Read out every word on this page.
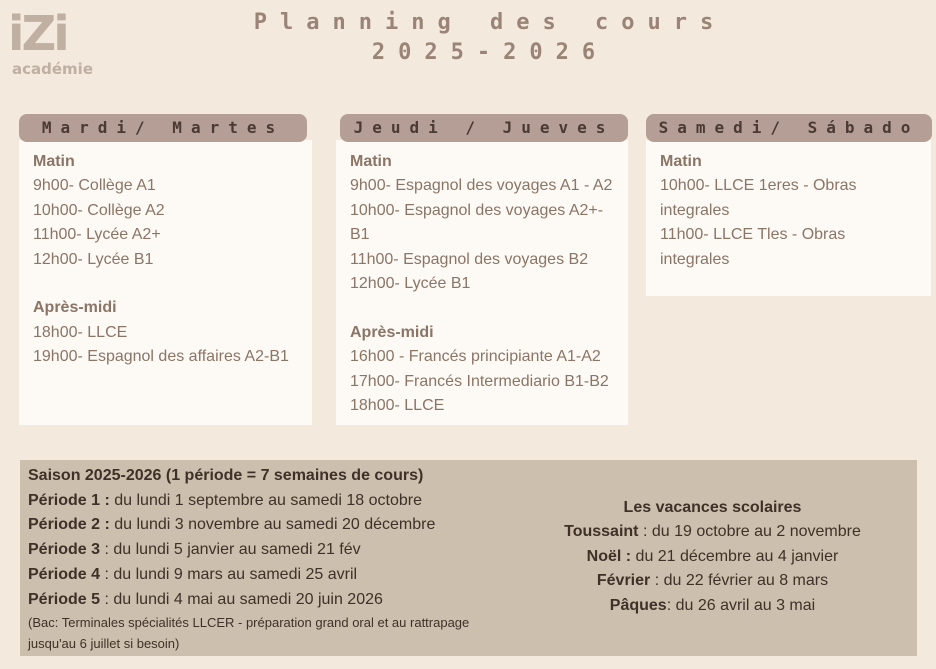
iZi
académie
Planning des cours
2025-2026
Mardi/ Martes
Matin
9h00- Collège A1
10h00- Collège A2
11h00- Lycée A2+
12h00- Lycée B1
Après-midi
18h00- LLCE
19h00- Espagnol des affaires A2-B1
Jeudi / Jueves
Matin
9h00- Espagnol des voyages A1 - A2
10h00- Espagnol des voyages A2+- B1
11h00- Espagnol des voyages B2
12h00- Lycée B1
Après-midi
16h00 - Francés principiante A1-A2
17h00- Francés Intermediario B1-B2
18h00- LLCE
Samedi/ Sábado
Matin
10h00- LLCE 1eres - Obras integrales
11h00- LLCE Tles - Obras integrales
Saison 2025-2026 (1 période = 7 semaines de cours)
Période 1 : du lundi 1 septembre au samedi 18 octobre
Période 2 : du lundi 3 novembre au samedi 20 décembre
Période 3 : du lundi 5 janvier au samedi 21 fév
Période 4 : du lundi 9 mars au samedi 25 avril
Période 5 : du lundi 4 mai au samedi 20 juin 2026
(Bac: Terminales spécialités LLCER - préparation grand oral et au rattrapage
jusqu'au 6 juillet si besoin)
Les vacances scolaires
Toussaint : du 19 octobre au 2 novembre
Noël : du 21 décembre au 4 janvier
Février : du 22 février au 8 mars
Pâques: du 26 avril au 3 mai
